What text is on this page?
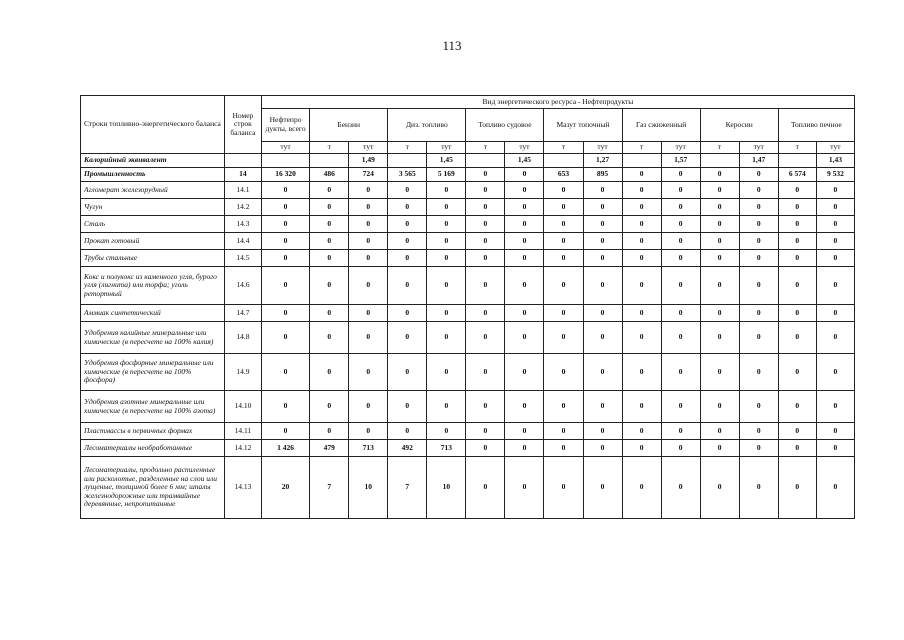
113
Строки топливно-энергетического баланса	Номер строк баланса	Вид энергетического ресурса - Нефтепродукты														
		Нефтепро дукты, всего	Бензин		Диз. топливо		Топливо судовое		Мазут топочный		Газ сжиженный		Керосин		Топливо печное	
		тут	т	тут	т	тут	т	тут	т	тут	т	тут	т	тут	т	тут
Калорийный эквивалент				1,49		1,45		1,45		1,27		1,57		1,47		1,43
Промышленность	14	16 320	486	724	3 565	5 169	0	0	653	895	0	0	0	0	6 574	9 532
Агломерат железорудный	14.1	0	0	0	0	0	0	0	0	0	0	0	0	0	0	0
Чугун	14.2	0	0	0	0	0	0	0	0	0	0	0	0	0	0	0
Сталь	14.3	0	0	0	0	0	0	0	0	0	0	0	0	0	0	0
Прокат готовый	14.4	0	0	0	0	0	0	0	0	0	0	0	0	0	0	0
Трубы стальные	14.5	0	0	0	0	0	0	0	0	0	0	0	0	0	0	0
Кокс и полукокс из каменного угля, бурого угля (лигнита) или торфа; уголь ретортный	14.6	0	0	0	0	0	0	0	0	0	0	0	0	0	0	0
Аммиак синтетический	14.7	0	0	0	0	0	0	0	0	0	0	0	0	0	0	0
Удобрения калийные минеральные или химические (в пересчете на 100% калия)	14.8	0	0	0	0	0	0	0	0	0	0	0	0	0	0	0
Удобрения фосфорные минеральные или химические (в пересчете на 100% фосфора)	14.9	0	0	0	0	0	0	0	0	0	0	0	0	0	0	0
Удобрения азотные минеральные или химические (в пересчете на 100% азота)	14.10	0	0	0	0	0	0	0	0	0	0	0	0	0	0	0
Пластмассы в первичных формах	14.11	0	0	0	0	0	0	0	0	0	0	0	0	0	0	0
Лесоматериалы необработанные	14.12	1 426	479	713	492	713	0	0	0	0	0	0	0	0	0	0
Лесоматериалы, продольно распиленные или расколотые, разделенные на слои или лущеные, толщиной более 6 мм; шпалы железнодорожные или трамвайные деревянные, непропитанные	14.13	20	7	10	7	10	0	0	0	0	0	0	0	0	0	0
